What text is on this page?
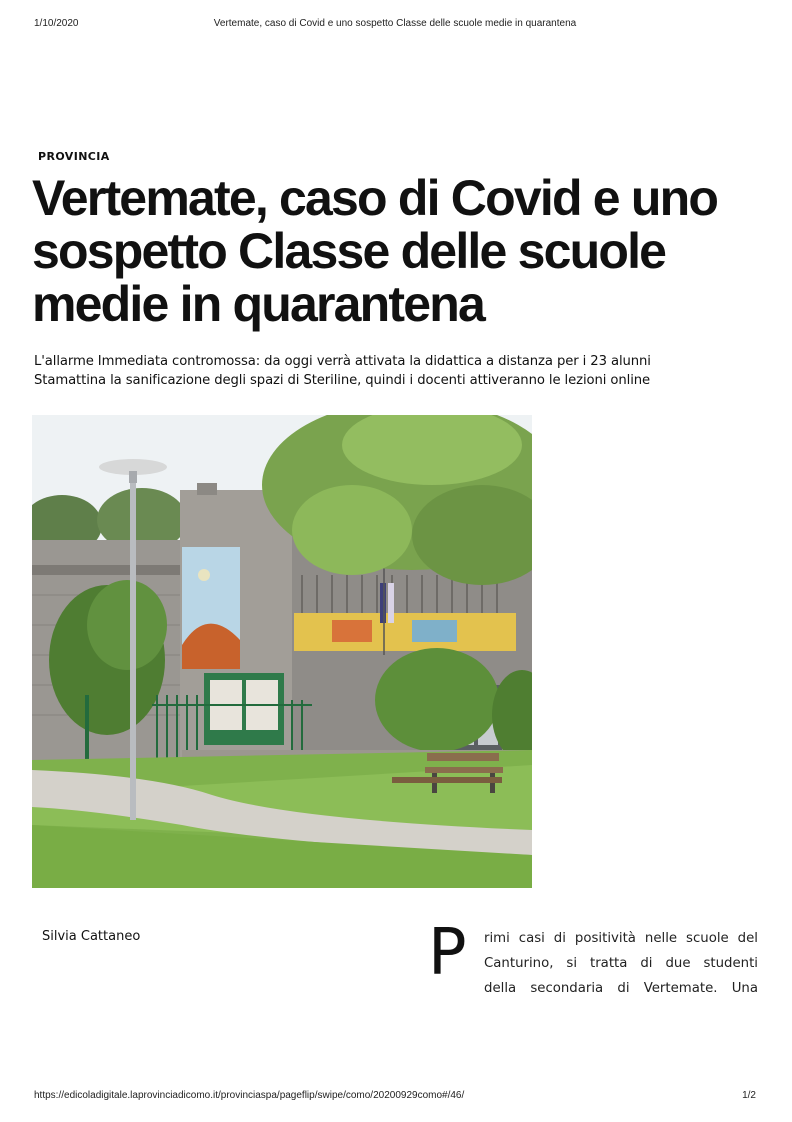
1/10/2020	Vertemate, caso di Covid e uno sospetto Classe delle scuole medie in quarantena
PROVINCIA
Vertemate, caso di Covid e uno sospetto Classe delle scuole medie in quarantena
L'allarme Immediata contromossa: da oggi verrà attivata la didattica a distanza per i 23 alunni
Stamattina la sanificazione degli spazi di Steriline, quindi i docenti attiveranno le lezioni online
Silvia Cattaneo	P rimi casi di positività nelle scuole del
Canturino, si tratta di due studenti
della secondaria di Vertemate. Una
https://edicoladigitale.laprovinciadicomo.it/provinciaspa/pageflip/swipe/como/20200929como#/46/	1/2
